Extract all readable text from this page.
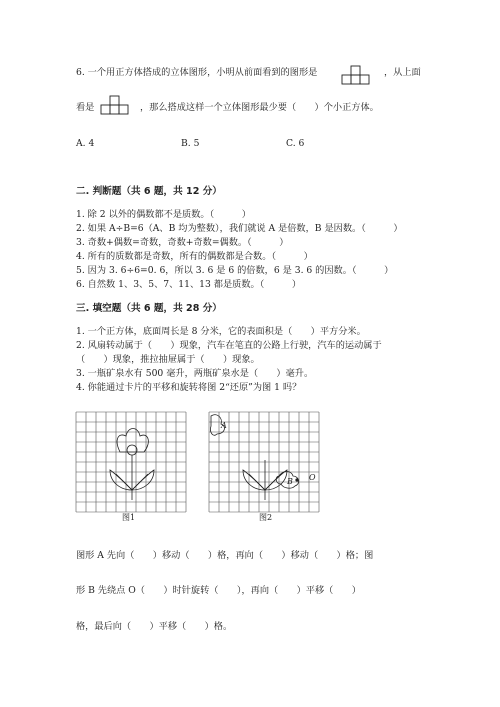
6. 一个用正方体搭成的立体图形，小明从前面看到的图形是	，从上面
看是	，那么搭成这样一个立体图形最少要（　　）个小正方体。
A. 4	B. 5	C. 6
二. 判断题（共 6 题，共 12 分）
1. 除 2 以外的偶数都不是质数。（　　　）
2. 如果 A÷B=6（A、B 均为整数），我们就说 A 是倍数，B 是因数。（　　　）
3. 奇数+偶数=奇数，奇数+奇数=偶数。（　　　）
4. 所有的质数都是奇数，所有的偶数都是合数。（　　　）
5. 因为 3. 6÷6=0. 6，所以 3. 6 是 6 的倍数，6 是 3. 6 的因数。（　　　）
6. 自然数 1、3、5、7、11、13 都是质数。（　　　）
三. 填空题（共 6 题，共 28 分）
1. 一个正方体，底面周长是 8 分米，它的表面积是（　　）平方分米。
2. 风扇转动属于（　　）现象，汽车在笔直的公路上行驶，汽车的运动属于
（　　）现象，推拉抽屉属于（　　）现象。
3. 一瓶矿泉水有 500 毫升，两瓶矿泉水是（　　）毫升。
4. 你能通过卡片的平移和旋转将图 2“还原”为图 1 吗？
图1
A
B O
图2
图形 A 先向（　　）移动（　　）格，再向（　　）移动（　　）格；图
形 B 先绕点 O（　　）时针旋转（　　），再向（　　）平移（　　）
格，最后向（　　）平移（　　）格。
